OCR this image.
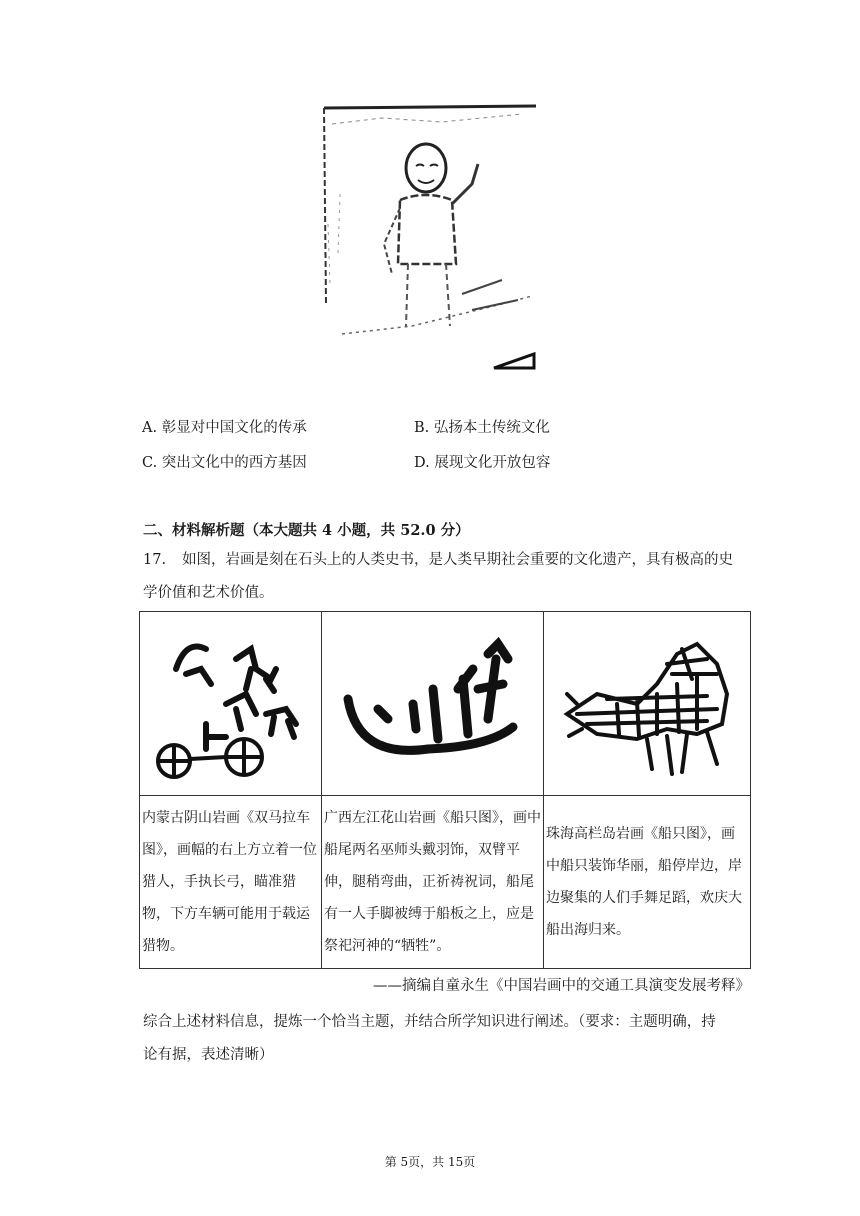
A. 彰显对中国文化的传承	B. 弘扬本土传统文化
C. 突出文化中的西方基因	D. 展现文化开放包容
二、材料解析题（本大题共 4 小题，共 52.0 分）
17. 如图，岩画是刻在石头上的人类史书，是人类早期社会重要的文化遗产，具有极高的史
学价值和艺术价值。

内蒙古阴山岩画《双马拉车图》，画幅的右上方立着一位猎人，手执长弓，瞄准猎物，下方车辆可能用于载运猎物。	广西左江花山岩画《船只图》，画中船尾两名巫师头戴羽饰，双臂平伸，腿稍弯曲，正祈祷祝词，船尾有一人手脚被缚于船板之上，应是祭祀河神的“牺牲”。	珠海高栏岛岩画《船只图》，画中船只装饰华丽，船停岸边，岸边聚集的人们手舞足蹈，欢庆大船出海归来。
——摘编自童永生《中国岩画中的交通工具演变发展考释》
综合上述材料信息，提炼一个恰当主题，并结合所学知识进行阐述。（要求：主题明确，持
论有据，表述清晰）
第 5页，共 15页
